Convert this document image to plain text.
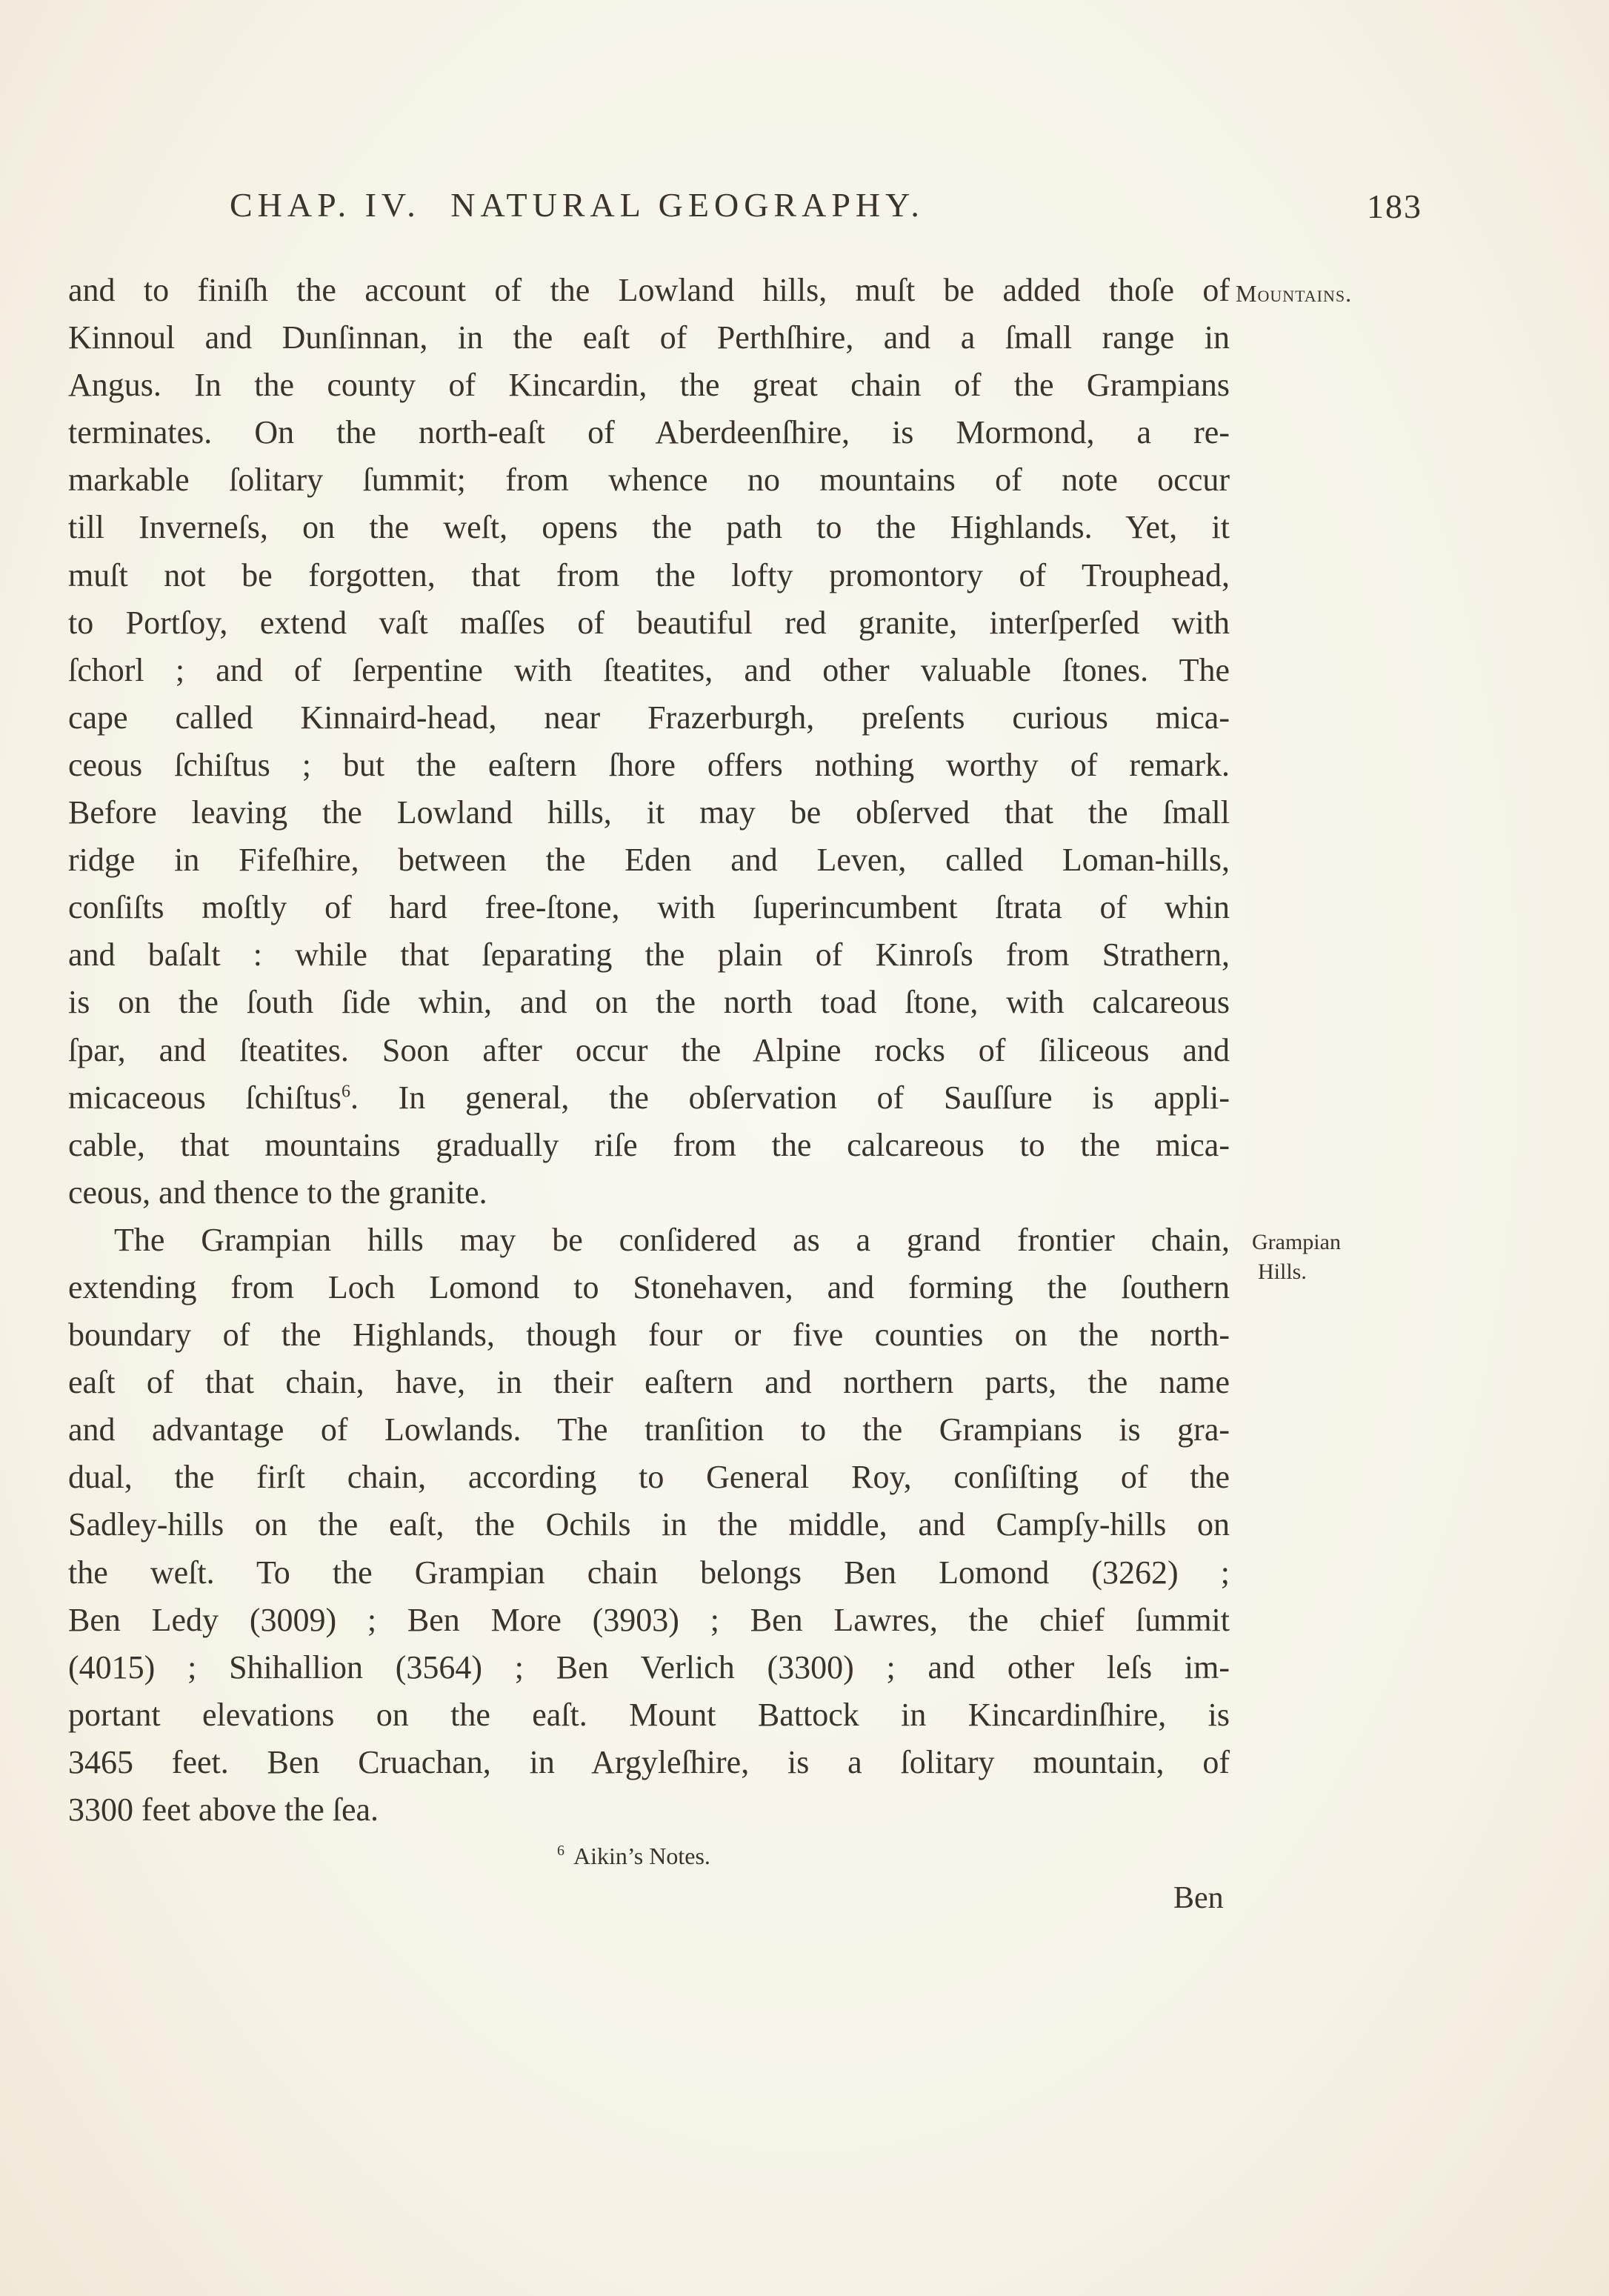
CHAP. IV. NATURAL GEOGRAPHY.	183
Mountains.
Grampian
Hills.
and to finiſh the account of the Lowland hills, muſt be added thoſe of
Kinnoul and Dunſinnan, in the eaſt of Perthſhire, and a ſmall range in
Angus. In the county of Kincardin, the great chain of the Grampians
terminates. On the north-eaſt of Aberdeenſhire, is Mormond, a re-
markable ſolitary ſummit; from whence no mountains of note occur
till Inverneſs, on the weſt, opens the path to the Highlands. Yet, it
muſt not be forgotten, that from the lofty promontory of Trouphead,
to Portſoy, extend vaſt maſſes of beautiful red granite, interſperſed with
ſchorl ; and of ſerpentine with ſteatites, and other valuable ſtones. The
cape called Kinnaird-head, near Frazerburgh, preſents curious mica-
ceous ſchiſtus ; but the eaſtern ſhore offers nothing worthy of remark.
Before leaving the Lowland hills, it may be obſerved that the ſmall
ridge in Fifeſhire, between the Eden and Leven, called Loman-hills,
conſiſts moſtly of hard free-ſtone, with ſuperincumbent ſtrata of whin
and baſalt : while that ſeparating the plain of Kinroſs from Strathern,
is on the ſouth ſide whin, and on the north toad ſtone, with calcareous
ſpar, and ſteatites. Soon after occur the Alpine rocks of ſiliceous and
micaceous ſchiſtus$^6$. In general, the obſervation of Sauſſure is appli-
cable, that mountains gradually riſe from the calcareous to the mica-
ceous, and thence to the granite.
The Grampian hills may be conſidered as a grand frontier chain,
extending from Loch Lomond to Stonehaven, and forming the ſouthern
boundary of the Highlands, though four or five counties on the north-
eaſt of that chain, have, in their eaſtern and northern parts, the name
and advantage of Lowlands. The tranſition to the Grampians is gra-
dual, the firſt chain, according to General Roy, conſiſting of the
Sadley-hills on the eaſt, the Ochils in the middle, and Campſy-hills on
the weſt. To the Grampian chain belongs Ben Lomond (3262) ;
Ben Ledy (3009) ; Ben More (3903) ; Ben Lawres, the chief ſummit
(4015) ; Shihallion (3564) ; Ben Verlich (3300) ; and other leſs im-
portant elevations on the eaſt. Mount Battock in Kincardinſhire, is
3465 feet. Ben Cruachan, in Argyleſhire, is a ſolitary mountain, of
3300 feet above the ſea.
$^6$ Aikin’s Notes.
Ben
